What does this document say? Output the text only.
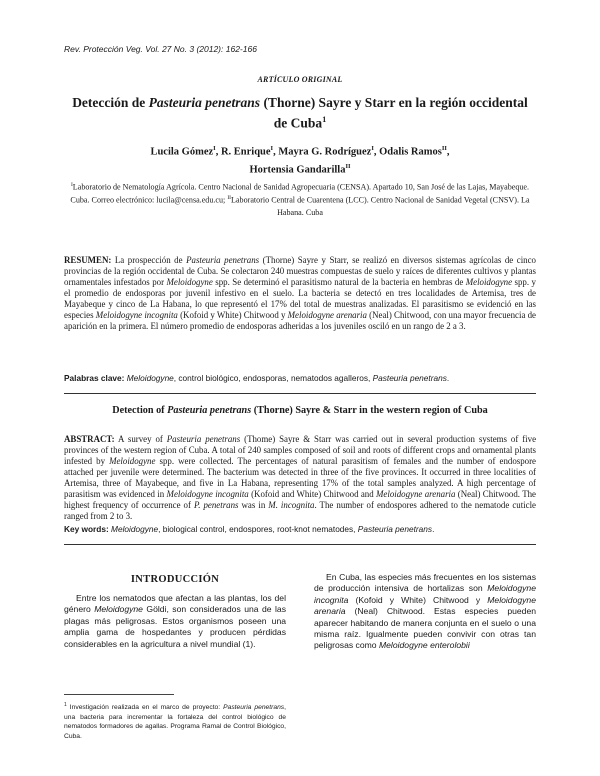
Rev. Protección Veg. Vol. 27 No. 3 (2012): 162-166
ARTÍCULO ORIGINAL
Detección de Pasteuria penetrans (Thorne) Sayre y Starr en la región occidental de Cuba$^1$
Lucila Gómez$^I$, R. Enrique$^I$, Mayra G. Rodríguez$^I$, Odalis Ramos$^{II}$,
Hortensia Gandarilla$^{II}$
$^I$Laboratorio de Nematología Agrícola. Centro Nacional de Sanidad Agropecuaria (CENSA). Apartado 10, San José de las Lajas, Mayabeque. Cuba. Correo electrónico: lucila@censa.edu.cu; $^{II}$Laboratorio Central de Cuarentena (LCC). Centro Nacional de Sanidad Vegetal (CNSV). La Habana. Cuba
RESUMEN: La prospección de Pasteuria penetrans (Thorne) Sayre y Starr, se realizó en diversos sistemas agrícolas de cinco provincias de la región occidental de Cuba. Se colectaron 240 muestras compuestas de suelo y raíces de diferentes cultivos y plantas ornamentales infestados por Meloidogyne spp. Se determinó el parasitismo natural de la bacteria en hembras de Meloidogyne spp. y el promedio de endosporas por juvenil infestivo en el suelo. La bacteria se detectó en tres localidades de Artemisa, tres de Mayabeque y cinco de La Habana, lo que representó el 17% del total de muestras analizadas. El parasitismo se evidenció en las especies Meloidogyne incognita (Kofoid y White) Chitwood y Meloidogyne arenaria (Neal) Chitwood, con una mayor frecuencia de aparición en la primera. El número promedio de endosporas adheridas a los juveniles osciló en un rango de 2 a 3.
Palabras clave: Meloidogyne, control biológico, endosporas, nematodos agalleros, Pasteuria penetrans.
Detection of Pasteuria penetrans (Thorne) Sayre & Starr in the western region of Cuba
ABSTRACT: A survey of Pasteuria penetrans (Thome) Sayre & Starr was carried out in several production systems of five provinces of the western region of Cuba. A total of 240 samples composed of soil and roots of different crops and ornamental plants infested by Meloidogyne spp. were collected. The percentages of natural parasitism of females and the number of endospore attached per juvenile were determined. The bacterium was detected in three of the five provinces. It occurred in three localities of Artemisa, three of Mayabeque, and five in La Habana, representing 17% of the total samples analyzed. A high percentage of parasitism was evidenced in Meloidogyne incognita (Kofoid and White) Chitwood and Meloidogyne arenaria (Neal) Chitwood. The highest frequency of occurrence of P. penetrans was in M. incognita. The number of endospores adhered to the nematode cuticle ranged from 2 to 3.
Key words: Meloidogyne, biological control, endospores, root-knot nematodes, Pasteuria penetrans.
INTRODUCCIÓN

Entre los nematodos que afectan a las plantas, los del género Meloidogyne Göldi, son considerados una de las plagas más peligrosas. Estos organismos poseen una amplia gama de hospedantes y producen pérdidas considerables en la agricultura a nivel mundial (1).

En Cuba, las especies más frecuentes en los sistemas de producción intensiva de hortalizas son Meloidogyne incognita (Kofoid y White) Chitwood y Meloidogyne arenaria (Neal) Chitwood. Estas especies pueden aparecer habitando de manera conjunta en el suelo o una misma raíz. Igualmente pueden convivir con otras tan peligrosas como Meloidogyne enterolobii

$^1$ Investigación realizada en el marco de proyecto: Pasteuria penetrans, una bacteria para incrementar la fortaleza del control biológico de nematodos formadores de agallas. Programa Ramal de Control Biológico, Cuba.
